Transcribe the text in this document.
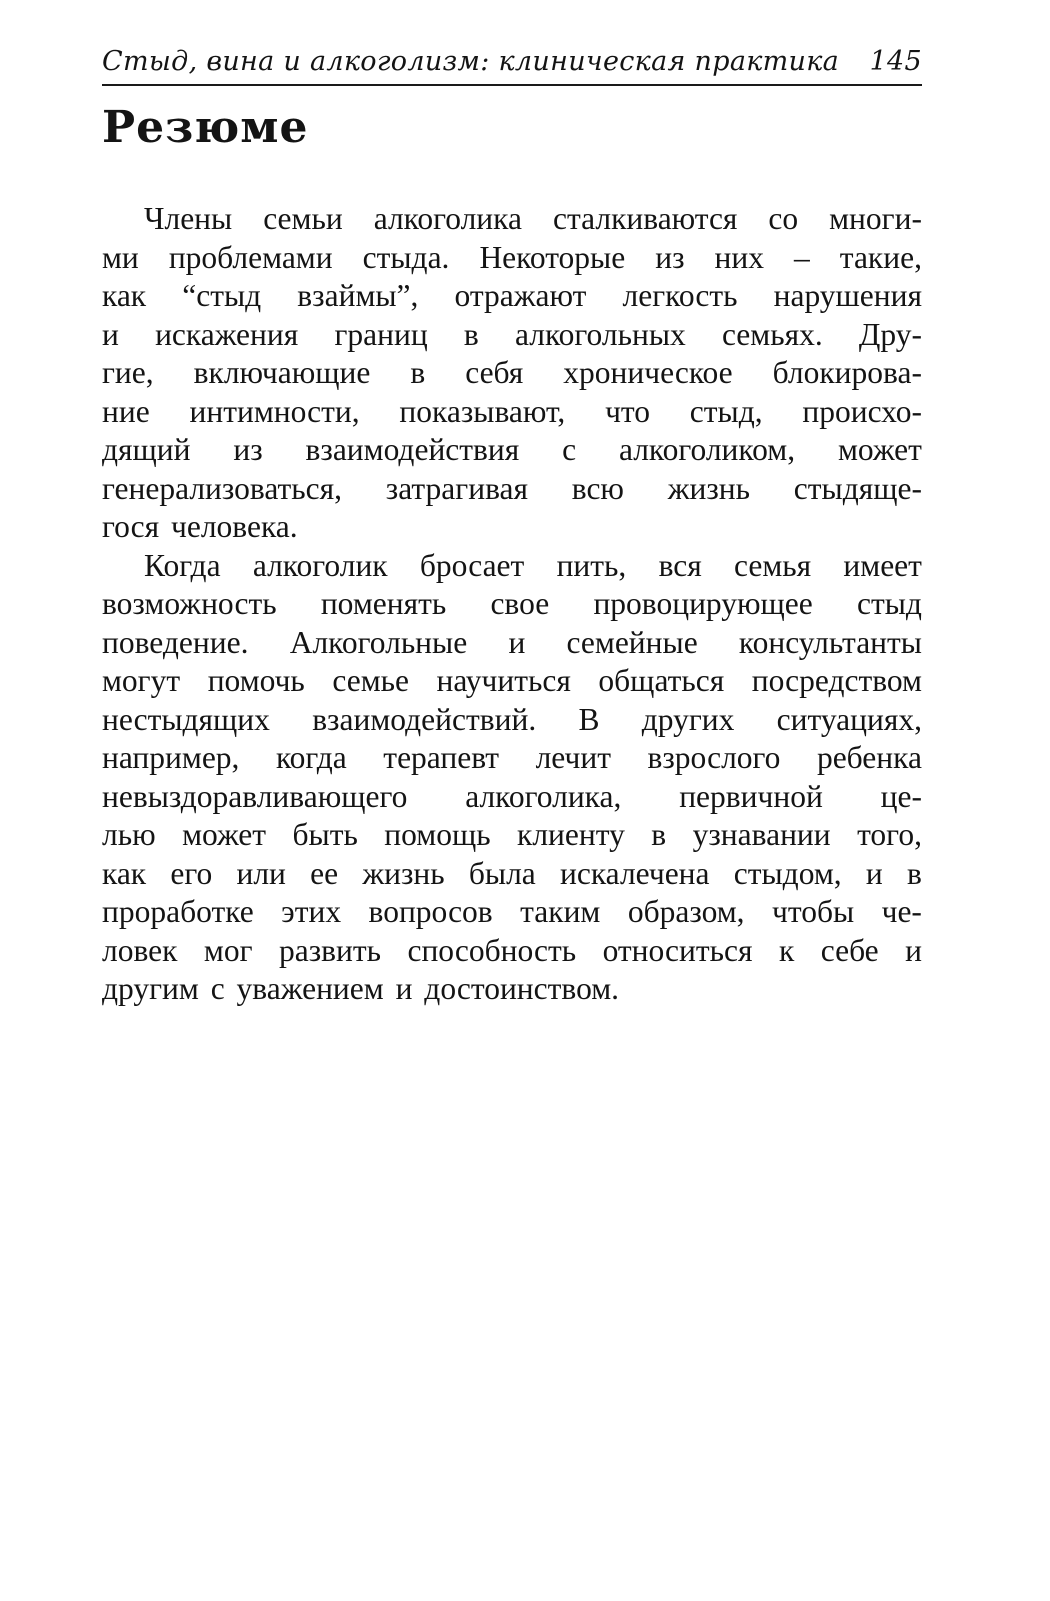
Стыд, вина и алкоголизм: клиническая практика 145
Резюме
Члены семьи алкоголика сталкиваются со многи-
ми проблемами стыда. Некоторые из них – такие,
как “стыд взаймы”, отражают легкость нарушения
и искажения границ в алкогольных семьях. Дру-
гие, включающие в себя хроническое блокирова-
ние интимности, показывают, что стыд, происхо-
дящий из взаимодействия с алкоголиком, может
генерализоваться, затрагивая всю жизнь стыдяще-
гося человека.
Когда алкоголик бросает пить, вся семья имеет
возможность поменять свое провоцирующее стыд
поведение. Алкогольные и семейные консультанты
могут помочь семье научиться общаться посредством
нестыдящих взаимодействий. В других ситуациях,
например, когда терапевт лечит взрослого ребенка
невыздоравливающего алкоголика, первичной це-
лью может быть помощь клиенту в узнавании того,
как его или ее жизнь была искалечена стыдом, и в
проработке этих вопросов таким образом, чтобы че-
ловек мог развить способность относиться к себе и
другим с уважением и достоинством.
